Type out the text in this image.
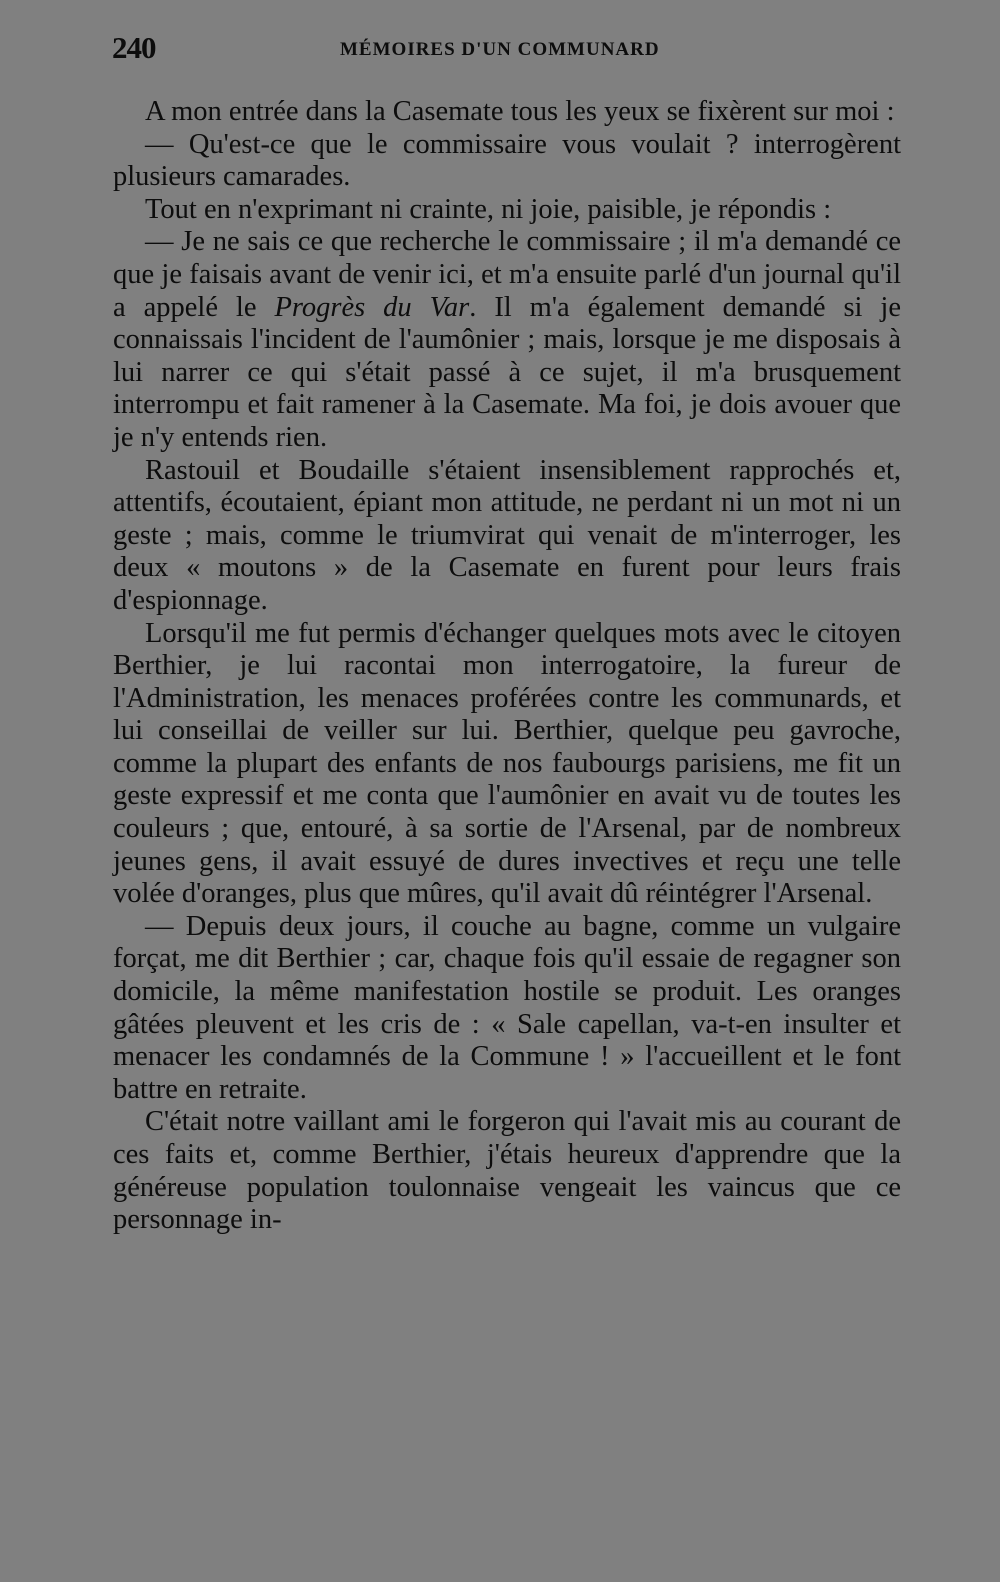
240	MÉMOIRES D'UN COMMUNARD

A mon entrée dans la Casemate tous les yeux se fixèrent sur moi :

— Qu'est-ce que le commissaire vous voulait ? interrogèrent plusieurs camarades.

Tout en n'exprimant ni crainte, ni joie, paisible, je répondis :

— Je ne sais ce que recherche le commissaire ; il m'a demandé ce que je faisais avant de venir ici, et m'a ensuite parlé d'un journal qu'il a appelé le Progrès du Var. Il m'a également demandé si je connaissais l'incident de l'aumônier ; mais, lorsque je me disposais à lui narrer ce qui s'était passé à ce sujet, il m'a brusquement interrompu et fait ramener à la Casemate. Ma foi, je dois avouer que je n'y entends rien.

Rastouil et Boudaille s'étaient insensiblement rapprochés et, attentifs, écoutaient, épiant mon attitude, ne perdant ni un mot ni un geste ; mais, comme le triumvirat qui venait de m'interroger, les deux « moutons » de la Casemate en furent pour leurs frais d'espionnage.

Lorsqu'il me fut permis d'échanger quelques mots avec le citoyen Berthier, je lui racontai mon interrogatoire, la fureur de l'Administration, les menaces proférées contre les communards, et lui conseillai de veiller sur lui. Berthier, quelque peu gavroche, comme la plupart des enfants de nos faubourgs parisiens, me fit un geste expressif et me conta que l'aumônier en avait vu de toutes les couleurs ; que, entouré, à sa sortie de l'Arsenal, par de nombreux jeunes gens, il avait essuyé de dures invectives et reçu une telle volée d'oranges, plus que mûres, qu'il avait dû réintégrer l'Arsenal.

— Depuis deux jours, il couche au bagne, comme un vulgaire forçat, me dit Berthier ; car, chaque fois qu'il essaie de regagner son domicile, la même manifestation hostile se produit. Les oranges gâtées pleuvent et les cris de : « Sale capellan, va-t-en insulter et menacer les condamnés de la Commune ! » l'accueillent et le font battre en retraite.

C'était notre vaillant ami le forgeron qui l'avait mis au courant de ces faits et, comme Berthier, j'étais heureux d'apprendre que la généreuse population toulonnaise vengeait les vaincus que ce personnage in-
